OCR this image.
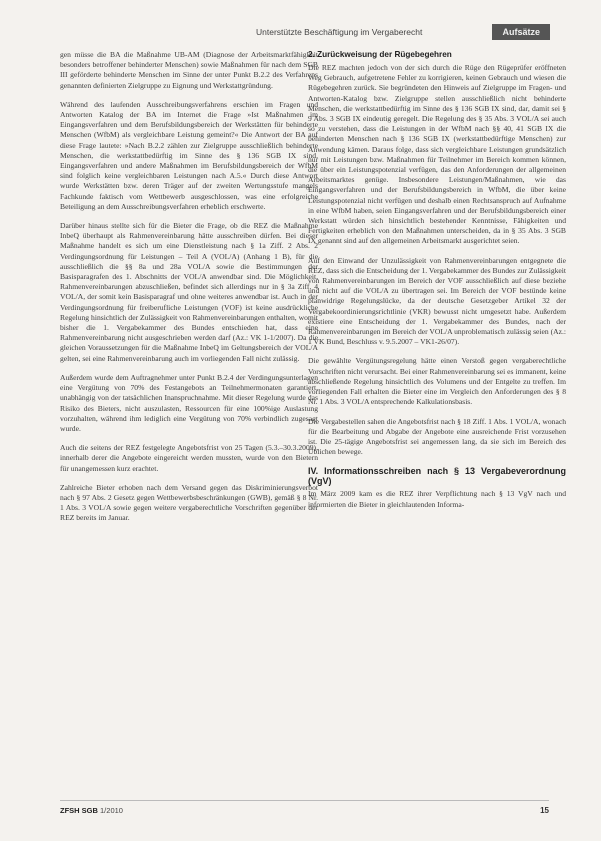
Unterstützte Beschäftigung im Vergaberecht	Aufsätze

gen müsse die BA die Maßnahme UB-AM (Diagnose der Arbeitsmarktfähigkeit besonders betroffener behinderter Menschen) sowie Maßnahmen für nach dem SGB III geförderte behinderte Menschen im Sinne der unter Punkt B.2.2 des Verfahrens genannten definierten Zielgruppe zu Eignung und Werkstattgründung.

Während des laufenden Ausschreibungsverfahrens erschien im Fragen und Antworten Katalog der BA im Internet die Frage »Ist Maßnahmen im Eingangsverfahren und dem Berufsbildungsbereich der Werkstätten für behinderte Menschen (WfbM) als vergleichbare Leistung gemeint?« Die Antwort der BA auf diese Frage lautete: »Nach B.2.2 zählen zur Zielgruppe ausschließlich behinderte Menschen, die werkstattbedürftig im Sinne des § 136 SGB IX sind. Eingangsverfahren und andere Maßnahmen im Berufsbildungsbereich der WfbM sind folglich keine vergleichbaren Leistungen nach A.5.« Durch diese Antwort wurde Werkstätten bzw. deren Träger auf der zweiten Wertungsstufe mangels Fachkunde faktisch vom Wettbewerb ausgeschlossen, was eine erfolgreiche Beteiligung an dem Ausschreibungsverfahren erheblich erschwerte.

Darüber hinaus stellte sich für die Bieter die Frage, ob die REZ die Maßnahme InbeQ überhaupt als Rahmenvereinbarung hätte ausschreiben dürfen. Bei dieser Maßnahme handelt es sich um eine Dienstleistung nach § 1a Ziff. 2 Abs. 2 Verdingungsordnung für Leistungen – Teil A (VOL/A) (Anhang 1 B), für die ausschließlich die §§ 8a und 28a VOL/A sowie die Bestimmungen der Basisparagrafen des 1. Abschnitts der VOL/A anwendbar sind. Die Möglichkeit, Rahmenvereinbarungen abzuschließen, befindet sich allerdings nur in § 3a Ziff. 4 VOL/A, der somit kein Basisparagraf und ohne weiteres anwendbar ist. Auch in der Verdingungsordnung für freiberufliche Leistungen (VOF) ist keine ausdrückliche Regelung hinsichtlich der Zulässigkeit von Rahmenvereinbarungen enthalten, womit bisher die 1. Vergabekammer des Bundes entschieden hat, dass eine Rahmenvereinbarung nicht ausgeschrieben werden darf (Az.: VK 1-1/2007). Da die gleichen Voraussetzungen für die Maßnahme InbeQ im Geltungsbereich der VOL/A gelten, sei eine Rahmenvereinbarung auch im vorliegenden Fall nicht zulässig.

Außerdem wurde dem Auftragnehmer unter Punkt B.2.4 der Verdingungsunterlagen eine Vergütung von 70% des Festangebots an Teilnehmermonaten garantiert, unabhängig von der tatsächlichen Inanspruchnahme. Mit dieser Regelung wurde das Risiko des Bieters, nicht auszulasten, Ressourcen für eine 100%ige Auslastung vorzuhalten, während ihm lediglich eine Vergütung von 70% verbindlich zugesagt wurde.

Auch die seitens der REZ festgelegte Angebotsfrist von 25 Tagen (5.3.–30.3.2009), innerhalb derer die Angebote eingereicht werden mussten, wurde von den Bietern für unangemessen kurz erachtet.

Zahlreiche Bieter erhoben nach dem Versand gegen das Diskriminierungsverbot nach § 97 Abs. 2 Gesetz gegen Wettbewerbsbeschränkungen (GWB), gemäß § 8 Nr. 1 Abs. 3 VOL/A sowie gegen weitere vergaberechtliche Vorschriften gegenüber der REZ bereits im Januar.

2. Zurückweisung der Rügebegehren

Die REZ machten jedoch von der sich durch die Rüge den Rügeprüfer eröffneten Weg Gebrauch, aufgetretene Fehler zu korrigieren, keinen Gebrauch und wiesen die Rügebegehren zurück. Sie begründeten den Hinweis auf Zielgruppe im Fragen- und Antworten-Katalog bzw. Zielgruppe stellen ausschließlich nicht behinderte Menschen, die werkstattbedürftig im Sinne des § 136 SGB IX sind, dar, damit sei § 9 Abs. 3 SGB IX eindeutig geregelt. Die Regelung des § 35 Abs. 3 VOL/A sei auch so zu verstehen, dass die Leistungen in der WfbM nach §§ 40, 41 SGB IX die behinderten Menschen nach § 136 SGB IX (werkstattbedürftige Menschen) zur Anwendung kämen. Daraus folge, dass sich vergleichbare Leistungen grundsätzlich nur mit Leistungen bzw. Maßnahmen für Teilnehmer im Bereich kommen können, die über ein Leistungspotenzial verfügen, das den Anforderungen der allgemeinen Arbeitsmarktes genüge. Insbesondere Leistungen/Maßnahmen, wie das Eingangsverfahren und der Berufsbildungsbereich in WfbM, die über keine Leistungspotenzial nicht verfügen und deshalb einen Rechtsanspruch auf Aufnahme in eine WfbM haben, seien Eingangsverfahren und der Berufsbildungsbereich einer Werkstatt würden sich hinsichtlich bestehender Kenntnisse, Fähigkeiten und Fertigkeiten erheblich von den Maßnahmen unterscheiden, da in § 35 Abs. 3 SGB IX genannt sind auf den allgemeinen Arbeitsmarkt ausgerichtet seien.

Auf den Einwand der Unzulässigkeit von Rahmenvereinbarungen entgegnete die REZ, dass sich die Entscheidung der 1. Vergabekammer des Bundes zur Zulässigkeit von Rahmenvereinbarungen im Bereich der VOF ausschließlich auf diese beziehe und nicht auf die VOL/A zu übertragen sei. Im Bereich der VOF bestünde keine planwidrige Regelungslücke, da der deutsche Gesetzgeber Artikel 32 der Vergabekoordinierungsrichtlinie (VKR) bewusst nicht umgesetzt habe. Außerdem existiere eine Entscheidung der 1. Vergabekammer des Bundes, nach der Rahmenvereinbarungen im Bereich der VOL/A unproblematisch zulässig seien (Az.: 1 VK Bund, Beschluss v. 9.5.2007 – VK1-26/07).

Die gewählte Vergütungsregelung hätte einen Verstoß gegen vergaberechtliche Vorschriften nicht verursacht. Bei einer Rahmenvereinbarung sei es immanent, keine abschließende Regelung hinsichtlich des Volumens und der Entgelte zu treffen. Im vorliegenden Fall erhalten die Bieter eine im Vergleich den Anforderungen des § 8 Nr. 1 Abs. 3 VOL/A entsprechende Kalkulationsbasis.

Die Vergabestellen sahen die Angebotsfrist nach § 18 Ziff. 1 Abs. 1 VOL/A, wonach für die Bearbeitung und Abgabe der Angebote eine ausreichende Frist vorzusehen ist. Die 25-tägige Angebotsfrist sei angemessen lang, da sie sich im Bereich des Üblichen bewege.

IV. Informationsschreiben nach § 13 Vergabeverordnung (VgV)

Im März 2009 kam es die REZ ihrer Verpflichtung nach § 13 VgV nach und informierten die Bieter in gleichlautenden Informa-

ZFSH SGB 1/2010	15
